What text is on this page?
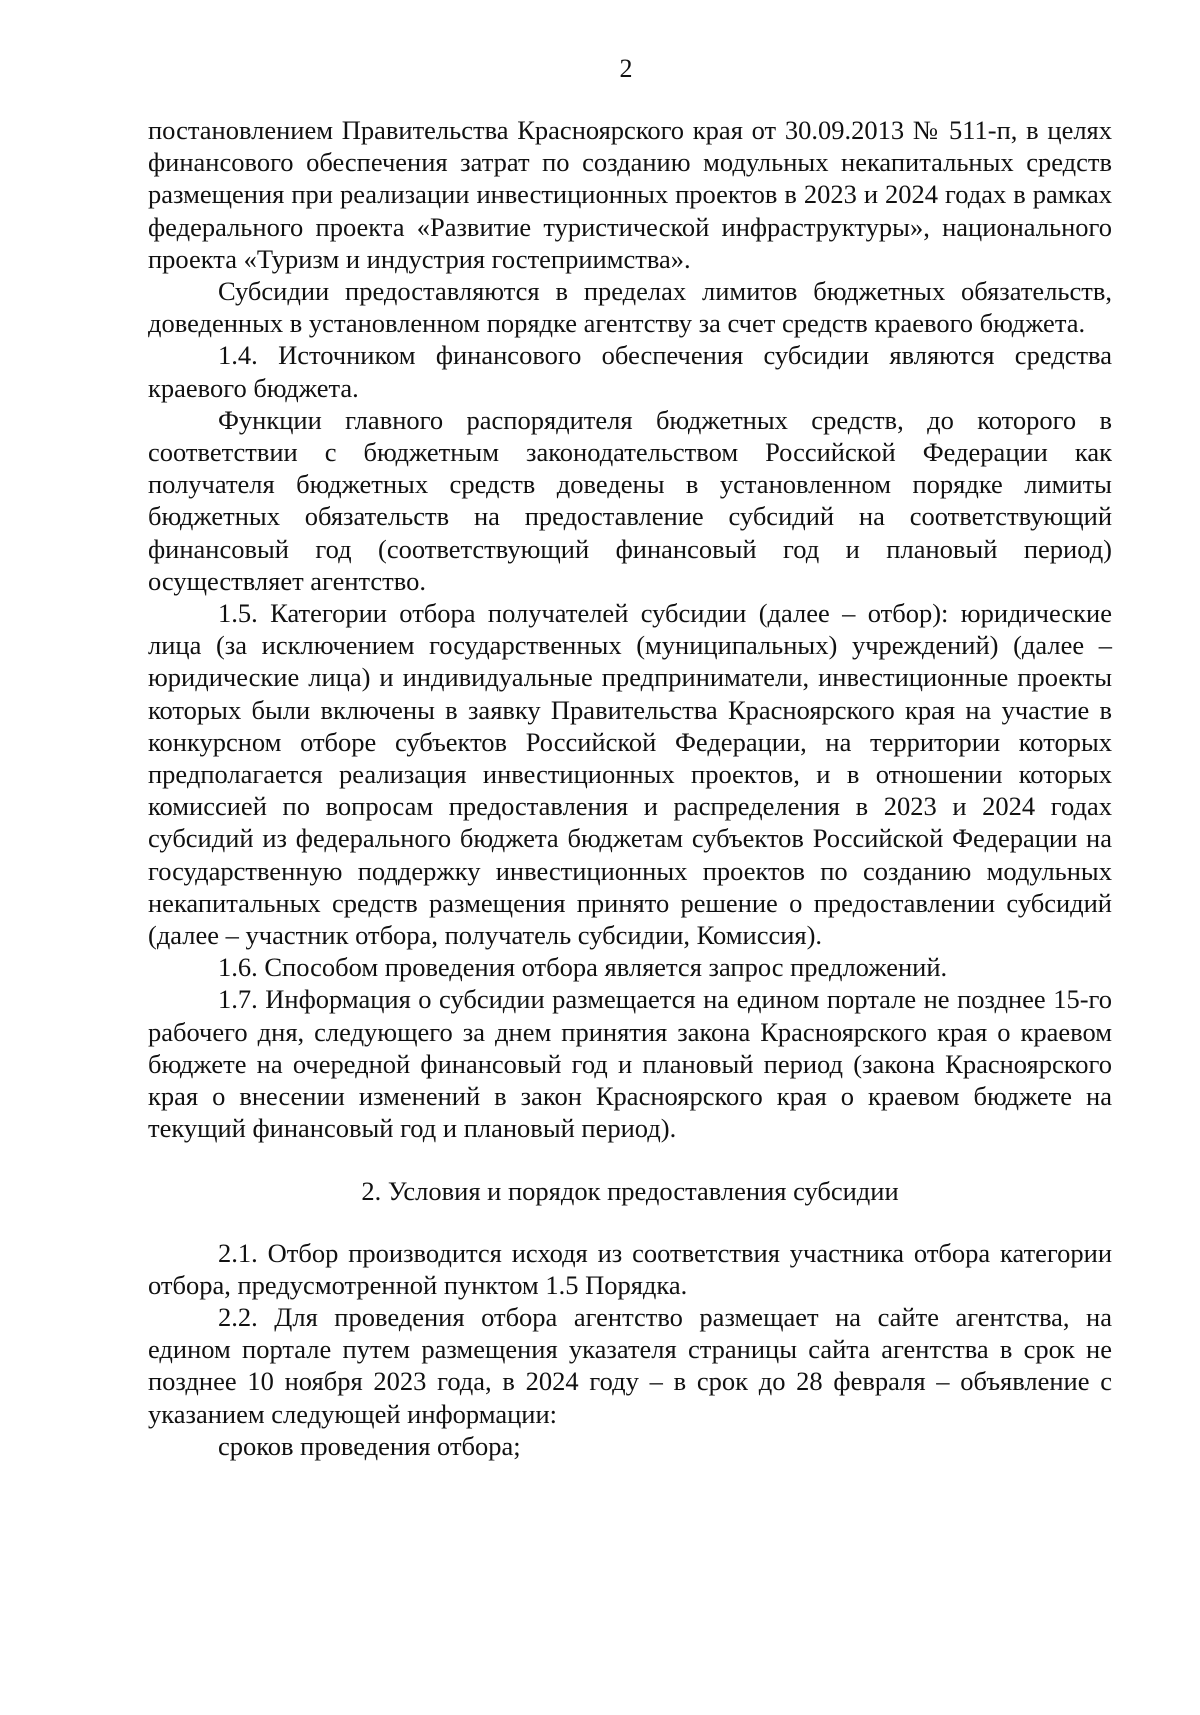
2

постановлением Правительства Красноярского края от 30.09.2013 № 511-п, в целях финансового обеспечения затрат по созданию модульных некапитальных средств размещения при реализации инвестиционных проектов в 2023 и 2024 годах в рамках федерального проекта «Развитие туристической инфраструктуры», национального проекта «Туризм и индустрия гостеприимства».

Субсидии предоставляются в пределах лимитов бюджетных обязательств, доведенных в установленном порядке агентству за счет средств краевого бюджета.

1.4. Источником финансового обеспечения субсидии являются средства краевого бюджета.

Функции главного распорядителя бюджетных средств, до которого в соответствии с бюджетным законодательством Российской Федерации как получателя бюджетных средств доведены в установленном порядке лимиты бюджетных обязательств на предоставление субсидий на соответствующий финансовый год (соответствующий финансовый год и плановый период) осуществляет агентство.

1.5. Категории отбора получателей субсидии (далее – отбор): юридические лица (за исключением государственных (муниципальных) учреждений) (далее – юридические лица) и индивидуальные предприниматели, инвестиционные проекты которых были включены в заявку Правительства Красноярского края на участие в конкурсном отборе субъектов Российской Федерации, на территории которых предполагается реализация инвестиционных проектов, и в отношении которых комиссией по вопросам предоставления и распределения в 2023 и 2024 годах субсидий из федерального бюджета бюджетам субъектов Российской Федерации на государственную поддержку инвестиционных проектов по созданию модульных некапитальных средств размещения принято решение о предоставлении субсидий (далее – участник отбора, получатель субсидии, Комиссия).

1.6. Способом проведения отбора является запрос предложений.

1.7. Информация о субсидии размещается на едином портале не позднее 15-го рабочего дня, следующего за днем принятия закона Красноярского края о краевом бюджете на очередной финансовый год и плановый период (закона Красноярского края о внесении изменений в закон Красноярского края о краевом бюджете на текущий финансовый год и плановый период).

2. Условия и порядок предоставления субсидии

2.1. Отбор производится исходя из соответствия участника отбора категории отбора, предусмотренной пунктом 1.5 Порядка.

2.2. Для проведения отбора агентство размещает на сайте агентства, на едином портале путем размещения указателя страницы сайта агентства в срок не позднее 10 ноября 2023 года, в 2024 году – в срок до 28 февраля – объявление с указанием следующей информации:

сроков проведения отбора;
